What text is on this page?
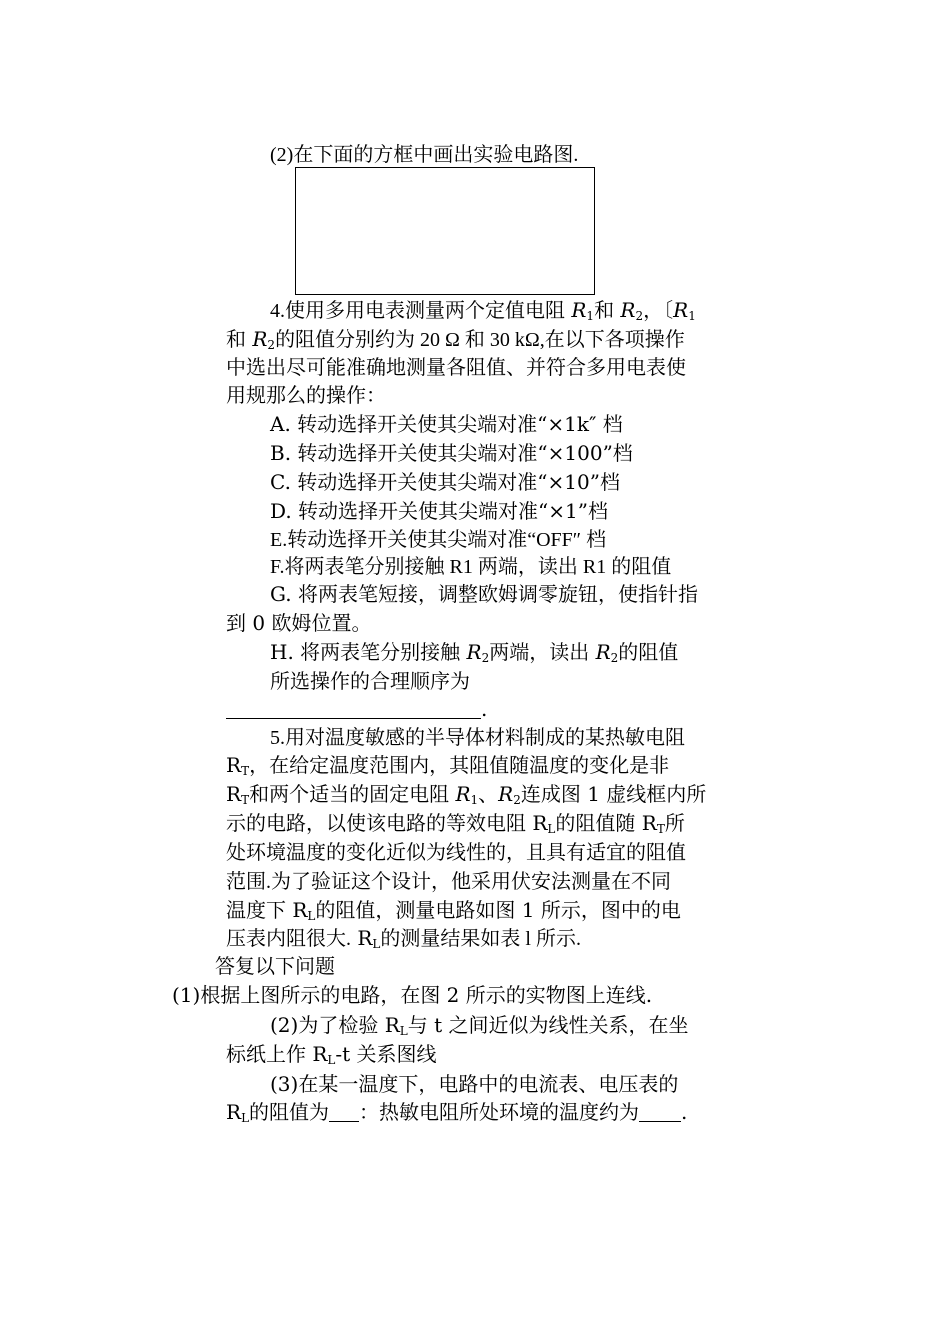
(2)在下面的方框中画出实验电路图.
4.使用多用电表测量两个定值电阻 $R_1$和 $R_2$，〔$R_1$
和 $R_2$的阻值分别约为 20 Ω 和 30 kΩ,在以下各项操作
中选出尽可能准确地测量各阻值、并符合多用电表使
用规那么的操作：
A. 转动选择开关使其尖端对准“×1k″ 档
B. 转动选择开关使其尖端对准“×100”档
C. 转动选择开关使其尖端对准“×10”档
D. 转动选择开关使其尖端对准“×1”档
E.转动选择开关使其尖端对准“OFF″ 档
F.将两表笔分别接触 R1 两端，读出 R1 的阻值
G. 将两表笔短接，调整欧姆调零旋钮，使指针指
到 0 欧姆位置。
H. 将两表笔分别接触 $R_2$两端，读出 $R_2$的阻值
所选操作的合理顺序为
.
5.用对温度敏感的半导体材料制成的某热敏电阻
$R_T$，在给定温度范围内，其阻值随温度的变化是非
$R_T$和两个适当的固定电阻 $R_1$、$R_2$连成图 1 虚线框内所
示的电路，以使该电路的等效电阻 $R_L$的阻值随 $R_T$所
处环境温度的变化近似为线性的，且具有适宜的阻值
范围.为了验证这个设计，他采用伏安法测量在不同
温度下 $R_L$的阻值，测量电路如图 1 所示，图中的电
压表内阻很大. $R_L$的测量结果如表 l 所示.
答复以下问题
(1)根据上图所示的电路，在图 2 所示的实物图上连线.
(2)为了检验 $R_L$与 t 之间近似为线性关系，在坐
标纸上作 $R_L-t$ 关系图线
(3)在某一温度下，电路中的电流表、电压表的
$R_L$的阻值为 ：热敏电阻所处环境的温度约为 .
